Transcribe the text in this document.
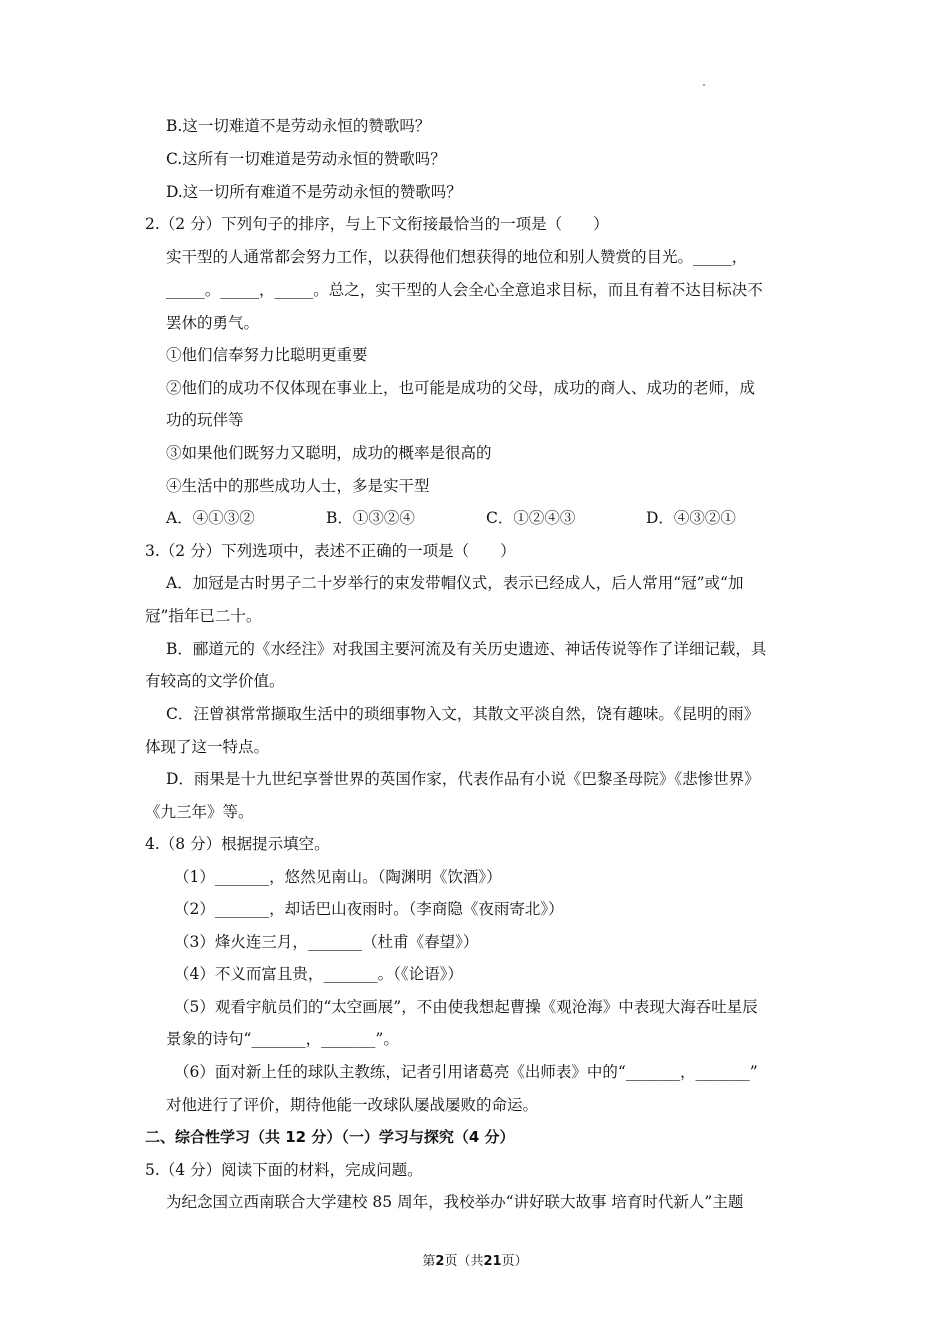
B.这一切难道不是劳动永恒的赞歌吗？
C.这所有一切难道是劳动永恒的赞歌吗？
D.这一切所有难道不是劳动永恒的赞歌吗？
2.（2 分）下列句子的排序，与上下文衔接最恰当的一项是（　　）
实干型的人通常都会努力工作，以获得他们想获得的地位和别人赞赏的目光。_____，
_____。_____，_____。总之，实干型的人会全心全意追求目标，而且有着不达目标决不
罢休的勇气。
①他们信奉努力比聪明更重要
②他们的成功不仅体现在事业上，也可能是成功的父母，成功的商人、成功的老师，成
功的玩伴等
③如果他们既努力又聪明，成功的概率是很高的
④生活中的那些成功人士，多是实干型
A．④①③②	B．①③②④	C．①②④③	D．④③②①
3.（2 分）下列选项中，表述不正确的一项是（　　）
A．加冠是古时男子二十岁举行的束发带帽仪式，表示已经成人，后人常用“冠”或“加
冠”指年已二十。
B．郦道元的《水经注》对我国主要河流及有关历史遗迹、神话传说等作了详细记载，具
有较高的文学价值。
C．汪曾祺常常撷取生活中的琐细事物入文，其散文平淡自然，饶有趣味。《昆明的雨》
体现了这一特点。
D．雨果是十九世纪享誉世界的英国作家，代表作品有小说《巴黎圣母院》《悲惨世界》
《九三年》等。
4.（8 分）根据提示填空。
（1）_______，悠然见南山。（陶渊明《饮酒》）
（2）_______，却话巴山夜雨时。（李商隐《夜雨寄北》）
（3）烽火连三月，_______（杜甫《春望》）
（4）不义而富且贵，_______。（《论语》）
（5）观看宇航员们的“太空画展”，不由使我想起曹操《观沧海》中表现大海吞吐星辰
景象的诗句“_______，_______”。
（6）面对新上任的球队主教练，记者引用诸葛亮《出师表》中的“_______，_______”
对他进行了评价，期待他能一改球队屡战屡败的命运。
二、综合性学习（共 12 分）（一）学习与探究（4 分）
5.（4 分）阅读下面的材料，完成问题。
为纪念国立西南联合大学建校 85 周年，我校举办“讲好联大故事 培育时代新人”主题
第2页（共21页）
